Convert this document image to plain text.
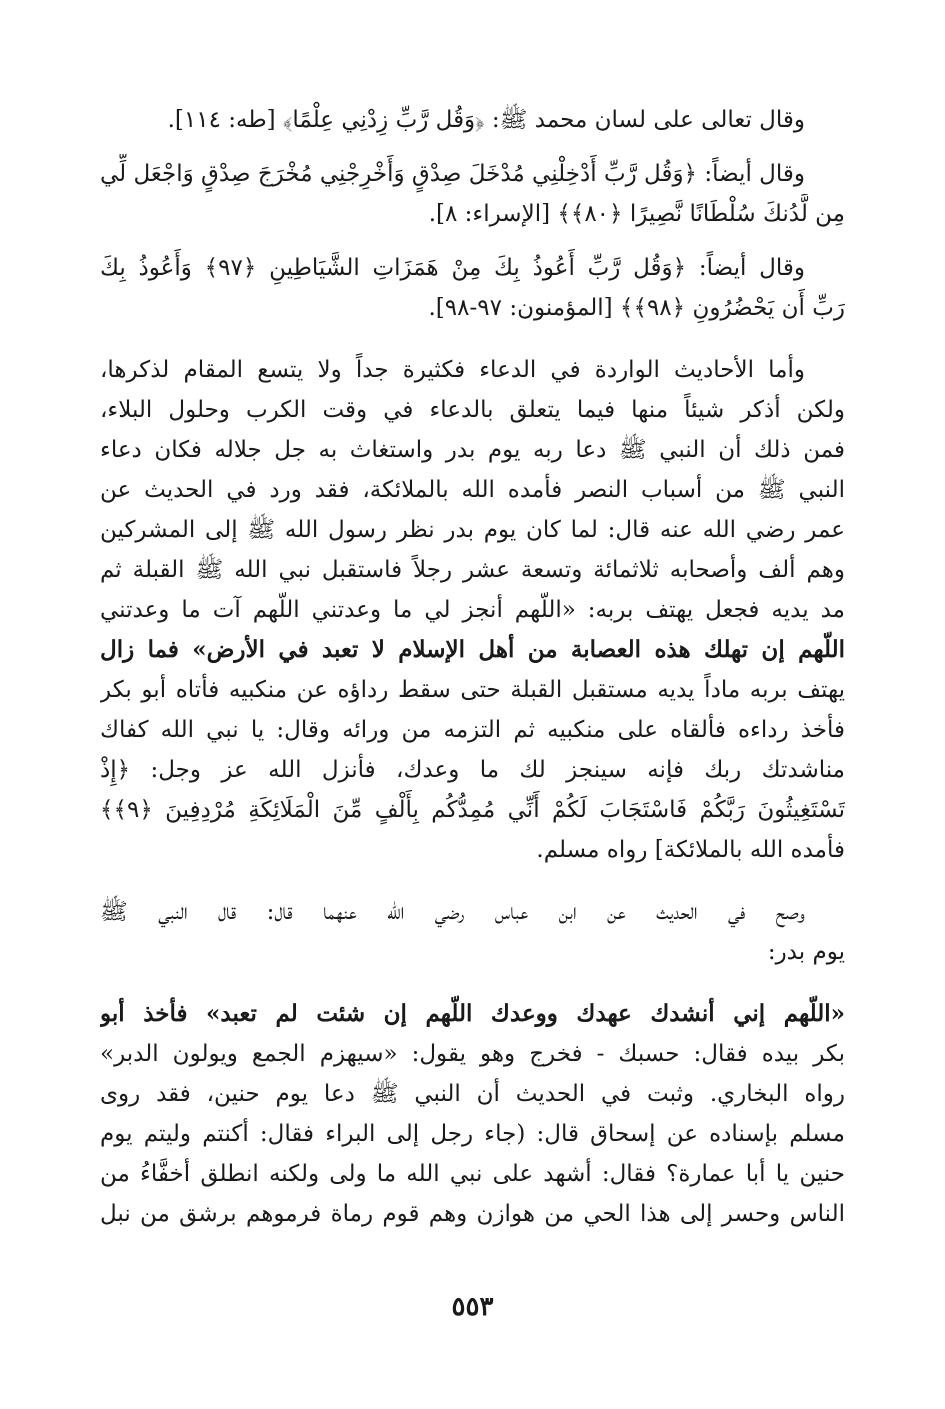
وقال تعالى على لسان محمد ﷺ: ﴿وَقُل رَّبِّ زِدْنِي عِلْمًا﴾ [طه: ١١٤].
وقال أيضاً: ﴿وَقُل رَّبِّ أَدْخِلْنِي مُدْخَلَ صِدْقٍ وَأَخْرِجْنِي مُخْرَجَ صِدْقٍ وَاجْعَل لِّي
مِن لَّدُنكَ سُلْطَانًا نَّصِيرًا ﴿٨٠﴾﴾ [الإسراء: ٨].
وقال أيضاً: ﴿وَقُل رَّبِّ أَعُوذُ بِكَ مِنْ هَمَزَاتِ الشَّيَاطِينِ ﴿٩٧﴾ وَأَعُوذُ بِكَ
رَبِّ أَن يَحْضُرُونِ ﴿٩٨﴾﴾ [المؤمنون: ٩٧-٩٨].
وأما الأحاديث الواردة في الدعاء فكثيرة جداً ولا يتسع المقام لذكرها،
ولكن أذكر شيئاً منها فيما يتعلق بالدعاء في وقت الكرب وحلول البلاء،
فمن ذلك أن النبي ﷺ دعا ربه يوم بدر واستغاث به جل جلاله فكان دعاء
النبي ﷺ من أسباب النصر فأمده الله بالملائكة، فقد ورد في الحديث عن
عمر رضي الله عنه قال: لما كان يوم بدر نظر رسول الله ﷺ إلى المشركين
وهم ألف وأصحابه ثلاثمائة وتسعة عشر رجلاً فاستقبل نبي الله ﷺ القبلة ثم
مد يديه فجعل يهتف بربه: «اللّهم أنجز لي ما وعدتني اللّهم آت ما وعدتني
اللّهم إن تهلك هذه العصابة من أهل الإسلام لا تعبد في الأرض» فما زال
يهتف بربه ماداً يديه مستقبل القبلة حتى سقط رداؤه عن منكبيه فأتاه أبو بكر
فأخذ رداءه فألقاه على منكبيه ثم التزمه من ورائه وقال: يا نبي الله كفاك
مناشدتك ربك فإنه سينجز لك ما وعدك، فأنزل الله عز وجل: ﴿إِذْ
تَسْتَغِيثُونَ رَبَّكُمْ فَاسْتَجَابَ لَكُمْ أَنِّي مُمِدُّكُم بِأَلْفٍ مِّنَ الْمَلَائِكَةِ مُرْدِفِينَ ﴿٩﴾﴾
فأمده الله بالملائكة] رواه مسلم.
وصح في الحديث عن ابن عباس رضي الله عنهما قال: قال النبي ﷺ
يوم بدر:
«اللّهم إني أنشدك عهدك ووعدك اللّهم إن شئت لم تعبد» فأخذ أبو
بكر بيده فقال: حسبك - فخرج وهو يقول: «سيهزم الجمع ويولون الدبر»
رواه البخاري. وثبت في الحديث أن النبي ﷺ دعا يوم حنين، فقد روى
مسلم بإسناده عن إسحاق قال: (جاء رجل إلى البراء فقال: أكنتم وليتم يوم
حنين يا أبا عمارة؟ فقال: أشهد على نبي الله ما ولى ولكنه انطلق أخفَّاءُ من
الناس وحسر إلى هذا الحي من هوازن وهم قوم رماة فرموهم برشق من نبل
٥٥٣
